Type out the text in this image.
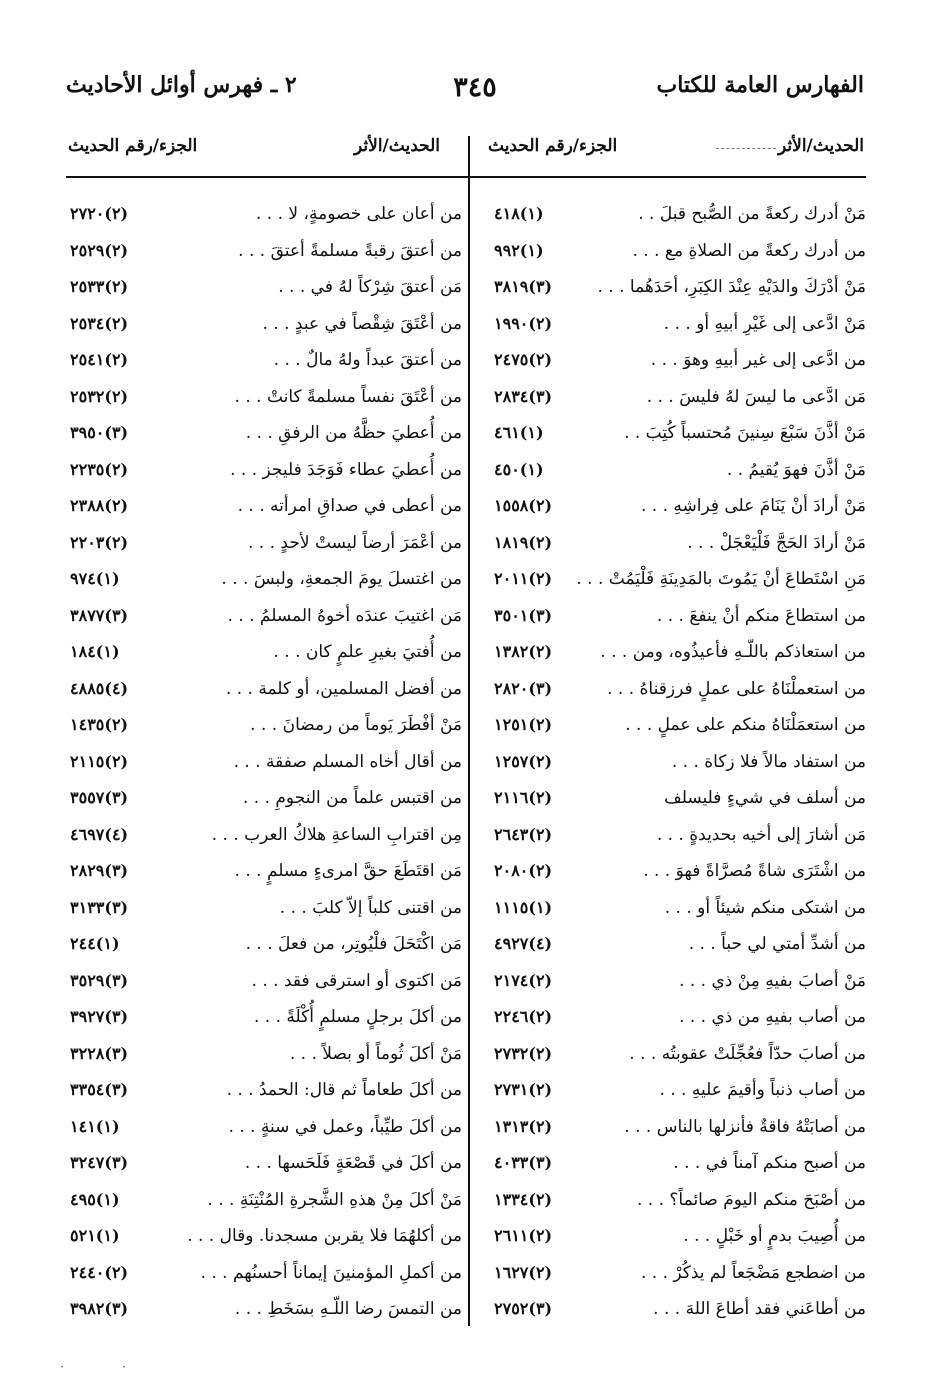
الفهارس العامة للكتاب
٣٤٥
٢ ـ فهرس أوائل الأحاديث
الحديث/الأثر
الجزء/رقم الحديث
الحديث/الأثر
الجزء/رقم الحديث
مَنْ أدرك ركعةً من الصُّبح قبلَ . .
(١)٤١٨
من أدرك ركعةً من الصلاةِ مع . . .
(١)٩٩٢
مَنْ أدْرَكَ والدَيْهِ عِنْدَ الكِبَرِ، أحَدَهُما . . .
(٣)٣٨١٩
مَنْ ادَّعى إلى غَيْرِ أبيهِ أو . . .
(٢)١٩٩٠
من ادَّعى إلى غير أبيهِ وهوَ . . .
(٢)٢٤٧٥
مَن ادَّعى ما ليسَ لهُ فليسَ . . .
(٣)٢٨٣٤
مَنْ أذَّنَ سَبْعَ سِنينَ مُحتسباً كُتِبَ . .
(١)٤٦١
مَنْ أذَّنَ فهوَ يُقيمُ . .
(١)٤٥٠
مَنْ أرادَ أنْ يَنَامَ على فِراشِهِ . . .
(٢)١٥٥٨
مَنْ أرادَ الحَجَّ فَلْيَعْجَلْ . . .
(٢)١٨١٩
مَنِ اسْتَطاعَ أنْ يَمُوتَ بالمَدِينَةِ فَلْيَمُتْ . . .
(٢)٢٠١١
من استطاعَ منكم أنْ ينفعَ . . .
(٣)٣٥٠١
من استعاذكم باللّـهِ فأعيذُوه، ومن . . .
(٢)١٣٨٢
من استعملْنَاهُ على عملٍ فرزقناهُ . . .
(٣)٢٨٢٠
من استعمَلْنَاهُ منكم على عملٍ . . .
(٢)١٢٥١
من استفاد مالاً فلا زكاة . . .
(٢)١٢٥٧
من أسلف في شيءٍ فليسلف
(٢)٢١١٦
مَن أشارَ إلى أخيه بحديدةٍ . . .
(٢)٢٦٤٣
من اشْتَرَى شاةً مُصرَّاةً فهوَ . . .
(٢)٢٠٨٠
من اشتكى منكم شيئاً أو . . .
(١)١١١٥
من أشدِّ أمتي لي حباً . . .
(٤)٤٩٢٧
مَنْ أصابَ بفيهِ مِنْ ذي . . .
(٢)٢١٧٤
من أصاب بفيهِ من ذي . . .
(٢)٢٢٤٦
من أصابَ حدّاً فعُجِّلَتْ عقوبتُه . . .
(٢)٢٧٣٢
من أصاب ذنباً وأقيمَ عليهِ . . .
(٢)٢٧٣١
من أصابَتْهُ فاقةٌ فأنزلها بالناس . . .
(٢)١٣١٣
من أصبح منكم آمناً في . . .
(٣)٤٠٣٣
من أصْبَحَ منكم اليومَ صائماً؟ . . .
(٢)١٣٣٤
من أُصِيبَ بدمٍ أو خَبْلٍ . . .
(٢)٢٦١١
من اضطجع مَضْجَعاً لم يذكُرْ . . .
(٢)١٦٢٧
من أطاعَني فقد أطاعَ اللهَ . . .
(٣)٢٧٥٢
من أعان على خصومةٍ، لا . . .
(٢)٢٧٢٠
من أعتقَ رقبةً مسلمةً أعتقَ . . .
(٢)٢٥٢٩
مَن أعتقَ شِرْكاً لهُ في . . .
(٢)٢٥٣٣
من أعْتَقَ شِقْصاً في عبدٍ . . .
(٢)٢٥٣٤
من أعتقَ عبداً ولهُ مالٌ . . .
(٢)٢٥٤١
من أعْتَقَ نفساً مسلمةً كانتْ . . .
(٢)٢٥٣٢
من أُعطيَ حظَّهُ من الرفقِ . . .
(٣)٣٩٥٠
من أُعطيَ عطاء فَوَجَدَ فليجز . . .
(٢)٢٢٣٥
من أعطى في صداقِ امرأته . . .
(٢)٢٣٨٨
من أعْمَرَ أرضاً ليستْ لأحدٍ . . .
(٢)٢٢٠٣
من اغتسلَ يومَ الجمعةِ، ولبسَ . . .
(١)٩٧٤
مَن اغتيبَ عندَه أخوهُ المسلمُ . . .
(٣)٣٨٧٧
من أُفتيَ بغيرِ علمٍ كان . . .
(١)١٨٤
من أفضل المسلمين، أو كلمة . . .
(٤)٤٨٨٥
مَنْ أفْطَرَ يَوماً من رمضانَ . . .
(٢)١٤٣٥
من أقال أخاه المسلم صفقة . . .
(٢)٢١١٥
من اقتبس علماً من النجومِ . . .
(٣)٣٥٥٧
مِن اقترابِ الساعةِ هلاكُ العرب . . .
(٤)٤٦٩٧
مَن اقتَطَعَ حقَّ امرىءٍ مسلمٍ . . .
(٣)٢٨٢٩
من اقتنى كلباً إلاّ كلبَ . . .
(٣)٣١٣٣
مَن اكْتَحَلَ فلْيُوتِر، من فعلَ . . .
(١)٢٤٤
مَن اكتوى أو استرقى فقد . . .
(٣)٣٥٢٩
من أكلَ برجلٍ مسلمٍ أُكْلَةً . . .
(٣)٣٩٢٧
مَنْ أكلَ ثُوماً أو بصلاً . . .
(٣)٣٢٢٨
من أكلَ طعاماً ثم قال: الحمدُ . . .
(٣)٣٣٥٤
من أكلَ طيِّباً، وعمل في سنةٍ . . .
(١)١٤١
من أكلَ في قَصْعَةٍ فَلَحَسها . . .
(٣)٣٢٤٧
مَنْ أكلَ مِنْ هذهِ الشَّجرةِ المُنْتِنَةِ . . .
(١)٤٩٥
من أكلهُمَا فلا يقربن مسجدنا. وقال . . .
(١)٥٢١
من أكملِ المؤمنينَ إيماناً أحسنُهم . . .
(٢)٢٤٤٠
من التمسَ رضا اللّـهِ بسَخَطِ . . .
(٣)٣٩٨٢
·	·
